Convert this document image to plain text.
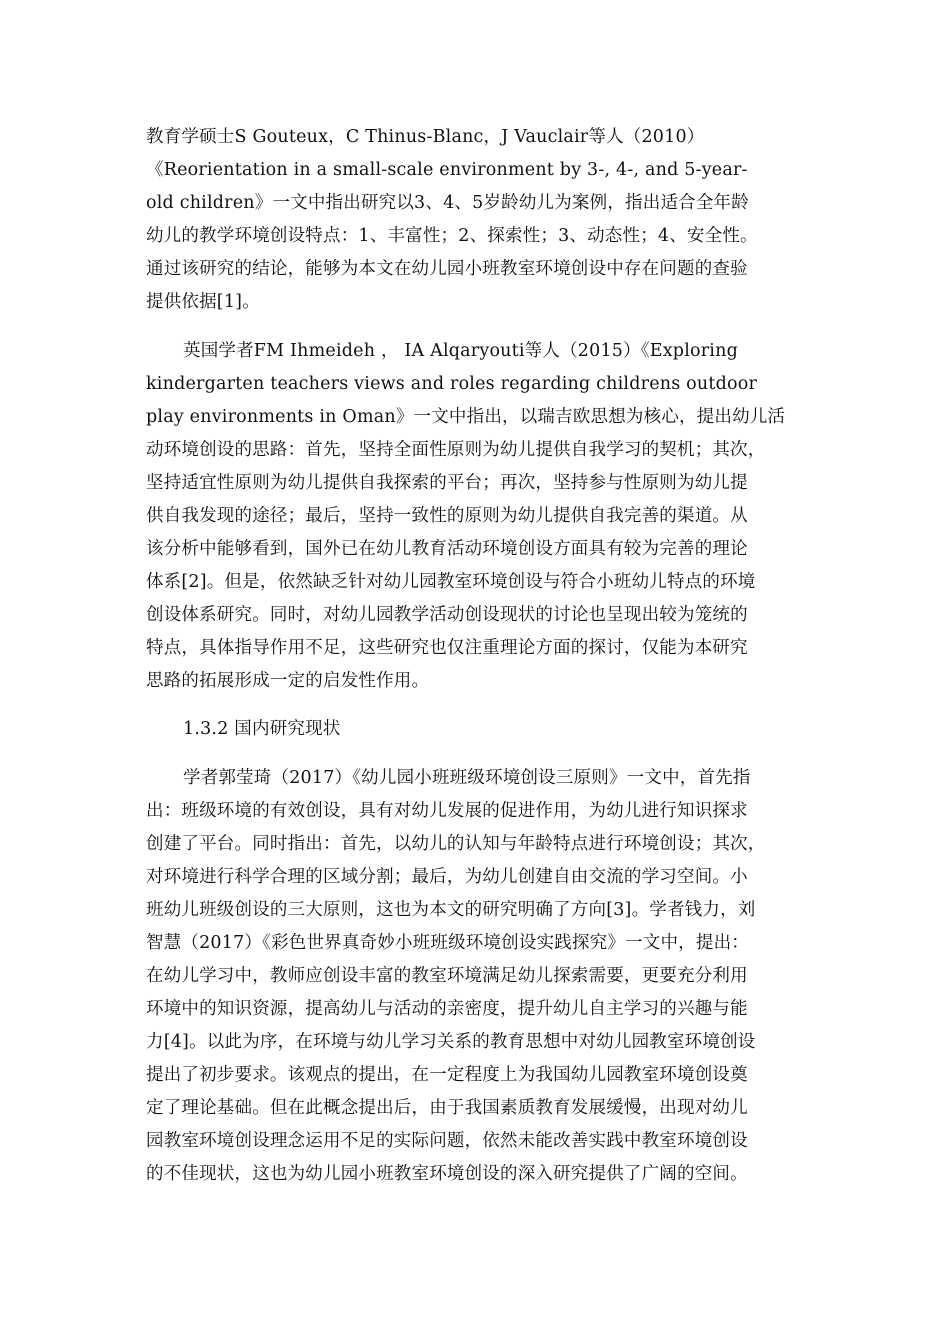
教育学硕士S Gouteux，C Thinus-Blanc，J Vauclair等人（2010）
《Reorientation in a small-scale environment by 3-, 4-, and 5-year-
old children》一文中指出研究以3、4、5岁龄幼儿为案例，指出适合全年龄
幼儿的教学环境创设特点：1、丰富性；2、探索性；3、动态性；4、安全性。
通过该研究的结论，能够为本文在幼儿园小班教室环境创设中存在问题的查验
提供依据[1]。
英国学者FM Ihmeideh ， IA Alqaryouti等人（2015）《Exploring
kindergarten teachers views and roles regarding childrens outdoor
play environments in Oman》一文中指出，以瑞吉欧思想为核心，提出幼儿活
动环境创设的思路：首先，坚持全面性原则为幼儿提供自我学习的契机；其次，
坚持适宜性原则为幼儿提供自我探索的平台；再次，坚持参与性原则为幼儿提
供自我发现的途径；最后，坚持一致性的原则为幼儿提供自我完善的渠道。从
该分析中能够看到，国外已在幼儿教育活动环境创设方面具有较为完善的理论
体系[2]。但是，依然缺乏针对幼儿园教室环境创设与符合小班幼儿特点的环境
创设体系研究。同时，对幼儿园教学活动创设现状的讨论也呈现出较为笼统的
特点，具体指导作用不足，这些研究也仅注重理论方面的探讨，仅能为本研究
思路的拓展形成一定的启发性作用。
1.3.2 国内研究现状
学者郭莹琦（2017）《幼儿园小班班级环境创设三原则》一文中，首先指
出：班级环境的有效创设，具有对幼儿发展的促进作用，为幼儿进行知识探求
创建了平台。同时指出：首先，以幼儿的认知与年龄特点进行环境创设；其次，
对环境进行科学合理的区域分割；最后，为幼儿创建自由交流的学习空间。小
班幼儿班级创设的三大原则，这也为本文的研究明确了方向[3]。学者钱力，刘
智慧（2017）《彩色世界真奇妙小班班级环境创设实践探究》一文中，提出：
在幼儿学习中，教师应创设丰富的教室环境满足幼儿探索需要，更要充分利用
环境中的知识资源，提高幼儿与活动的亲密度，提升幼儿自主学习的兴趣与能
力[4]。以此为序，在环境与幼儿学习关系的教育思想中对幼儿园教室环境创设
提出了初步要求。该观点的提出，在一定程度上为我国幼儿园教室环境创设奠
定了理论基础。但在此概念提出后，由于我国素质教育发展缓慢，出现对幼儿
园教室环境创设理念运用不足的实际问题，依然未能改善实践中教室环境创设
的不佳现状，这也为幼儿园小班教室环境创设的深入研究提供了广阔的空间。
